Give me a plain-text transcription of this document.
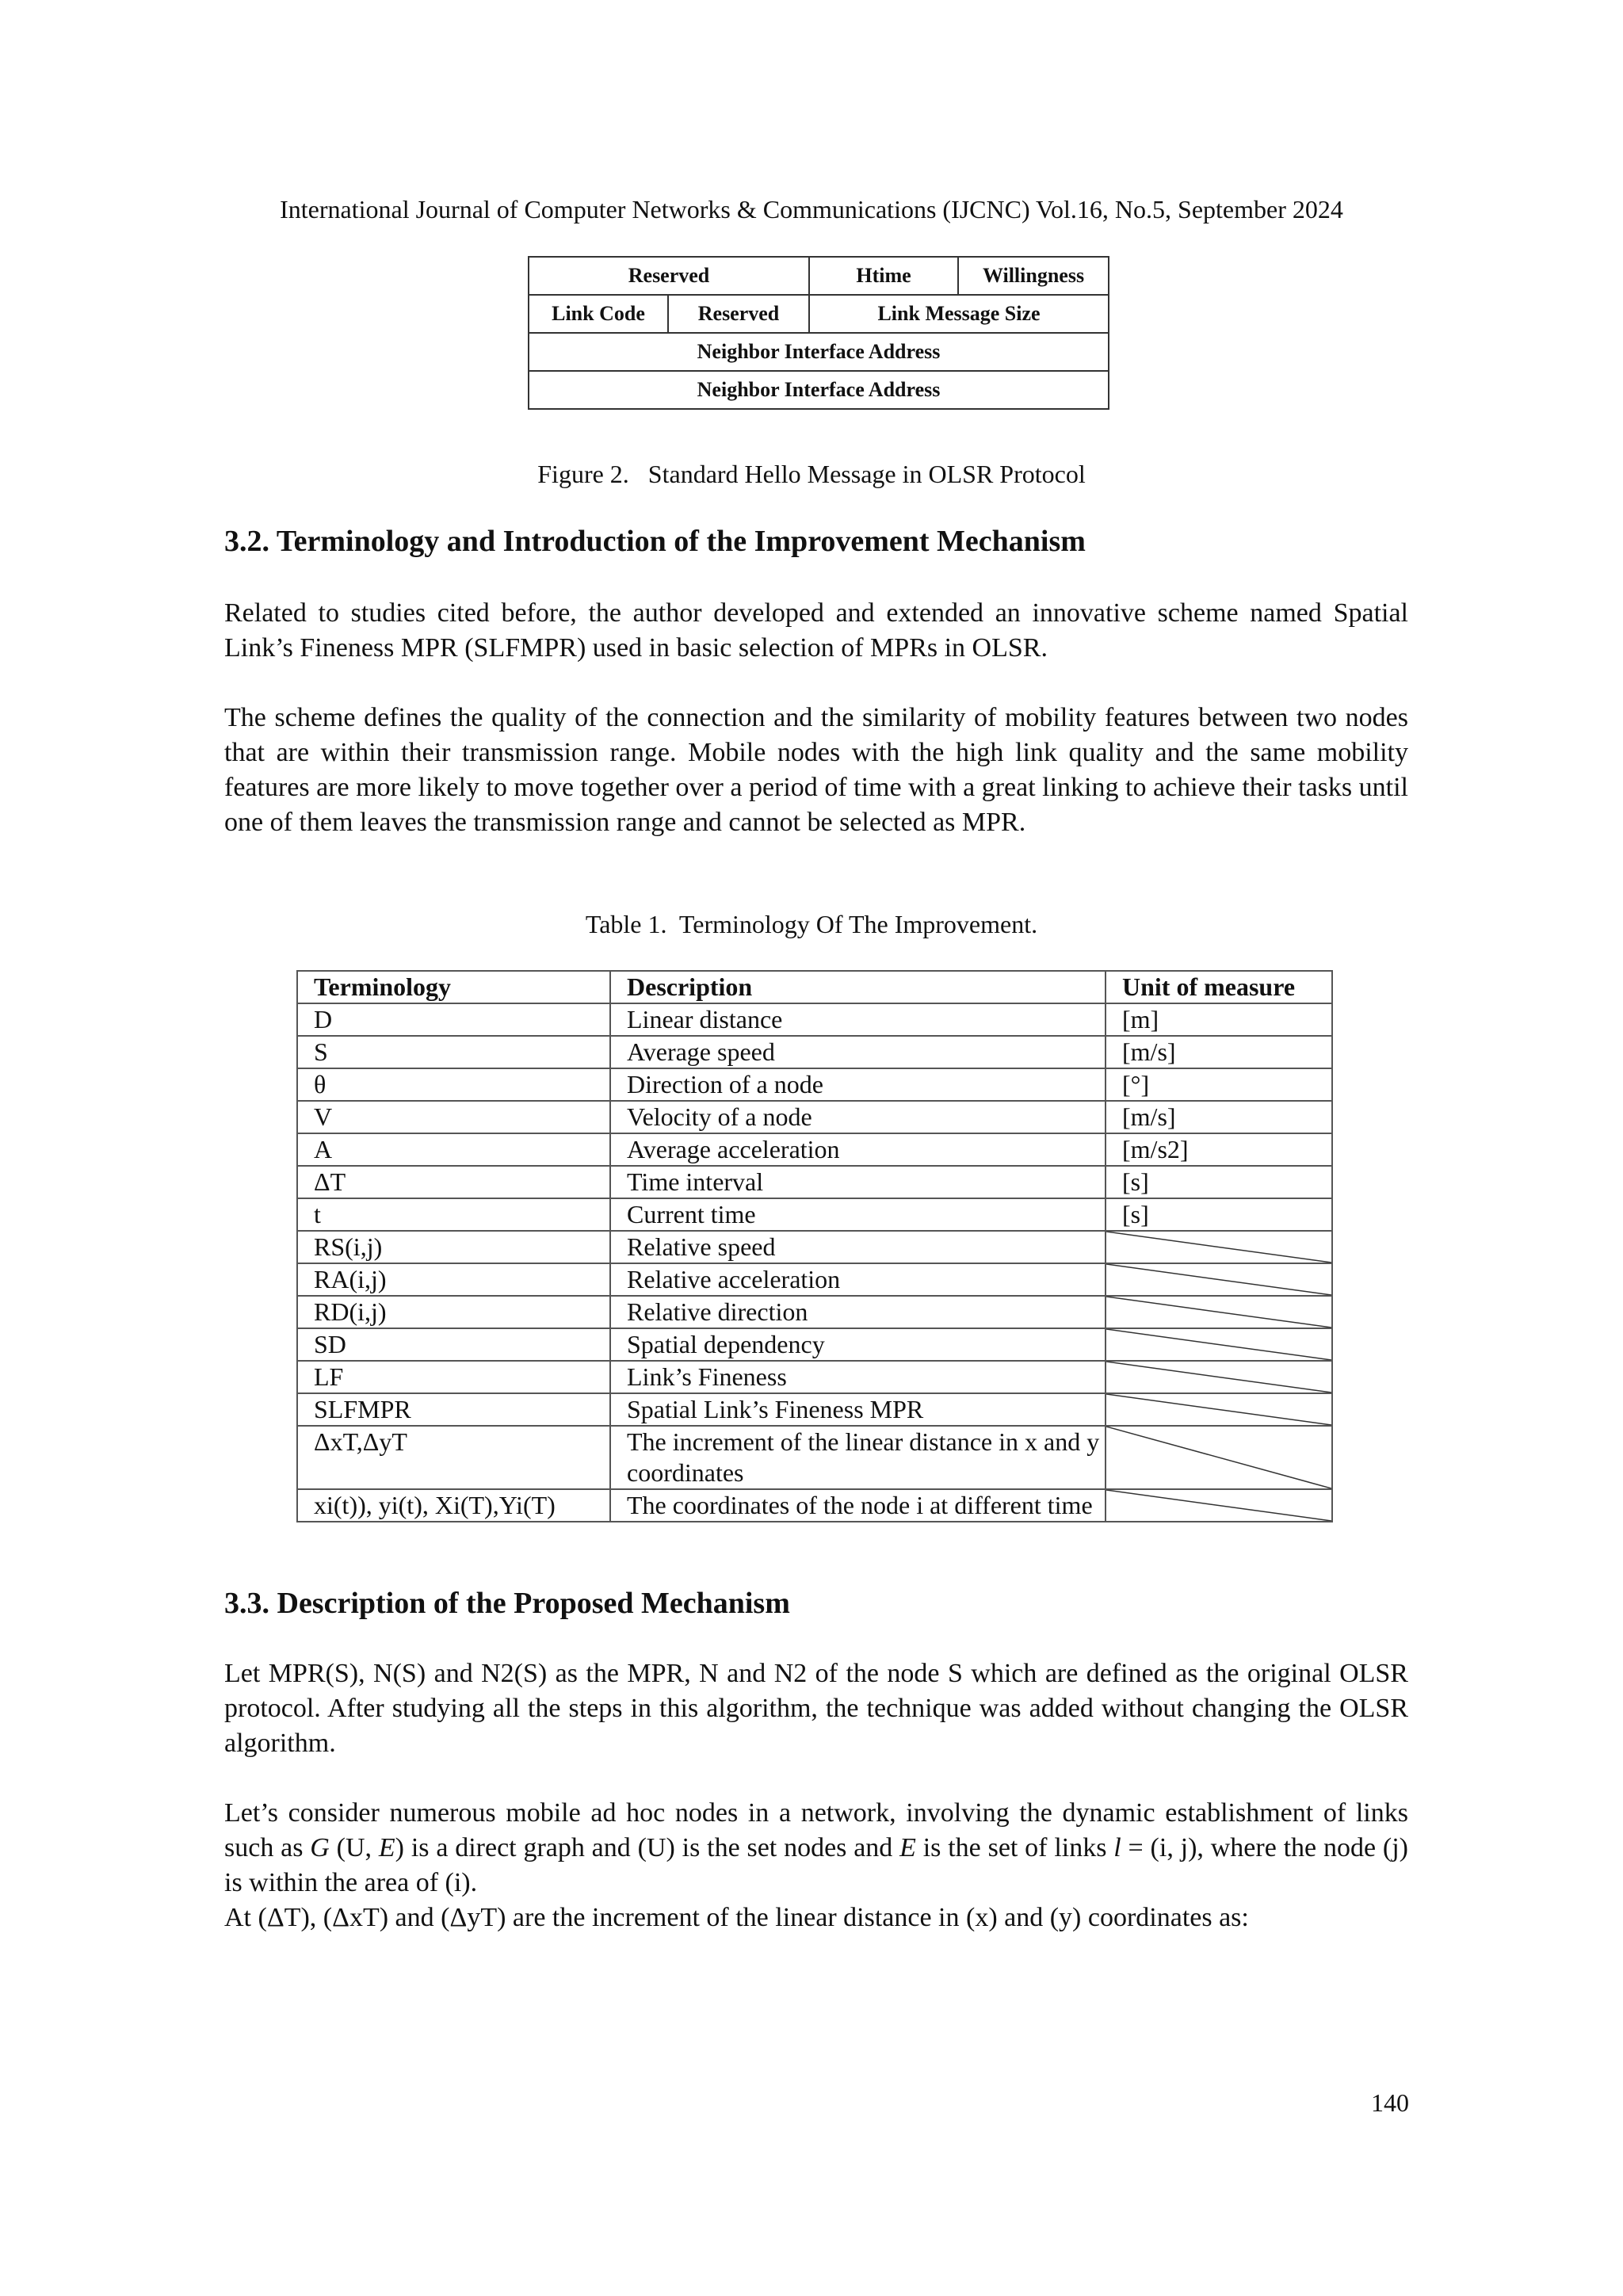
International Journal of Computer Networks & Communications (IJCNC) Vol.16, No.5, September 2024
Reserved		Htime	Willingness
Link Code	Reserved	Link Message Size	
Neighbor Interface Address			
Neighbor Interface Address			
Figure 2.   Standard Hello Message in OLSR Protocol
3.2. Terminology and Introduction of the Improvement Mechanism

Related to studies cited before, the author developed and extended an innovative scheme named Spatial Link’s Fineness MPR (SLFMPR) used in basic selection of MPRs in OLSR.

The scheme defines the quality of the connection and the similarity of mobility features between two nodes that are within their transmission range. Mobile nodes with the high link quality and the same mobility features are more likely to move together over a period of time with a great linking to achieve their tasks until one of them leaves the transmission range and cannot be selected as MPR.

Table 1.  Terminology Of The Improvement.
Terminology	Description	Unit of measure
D	Linear distance	[m]
S	Average speed	[m/s]
θ	Direction of a node	[°]
V	Velocity of a node	[m/s]
A	Average acceleration	[m/s2]
ΔT	Time interval	[s]
t	Current time	[s]
RS(i,j)	Relative speed	

RA(i,j)	Relative acceleration	

RD(i,j)	Relative direction	

SD	Spatial dependency	

LF	Link’s Fineness	

SLFMPR	Spatial Link’s Fineness MPR	

ΔxT,ΔyT	The increment of the linear distance in x and y coordinates	

xi(t)), yi(t), Xi(T),Yi(T)	The coordinates of the node i at different time	
3.3. Description of the Proposed Mechanism

Let MPR(S), N(S) and N2(S) as the MPR, N and N2 of the node S which are defined as the original OLSR protocol. After studying all the steps in this algorithm, the technique was added without changing the OLSR algorithm.

Let’s consider numerous mobile ad hoc nodes in a network, involving the dynamic establishment of links such as G (U, E) is a direct graph and (U) is the set nodes and E is the set of links l = (i, j), where the node (j) is within the area of (i).

At (ΔT), (ΔxT) and (ΔyT) are the increment of the linear distance in (x) and (y) coordinates as:

140
